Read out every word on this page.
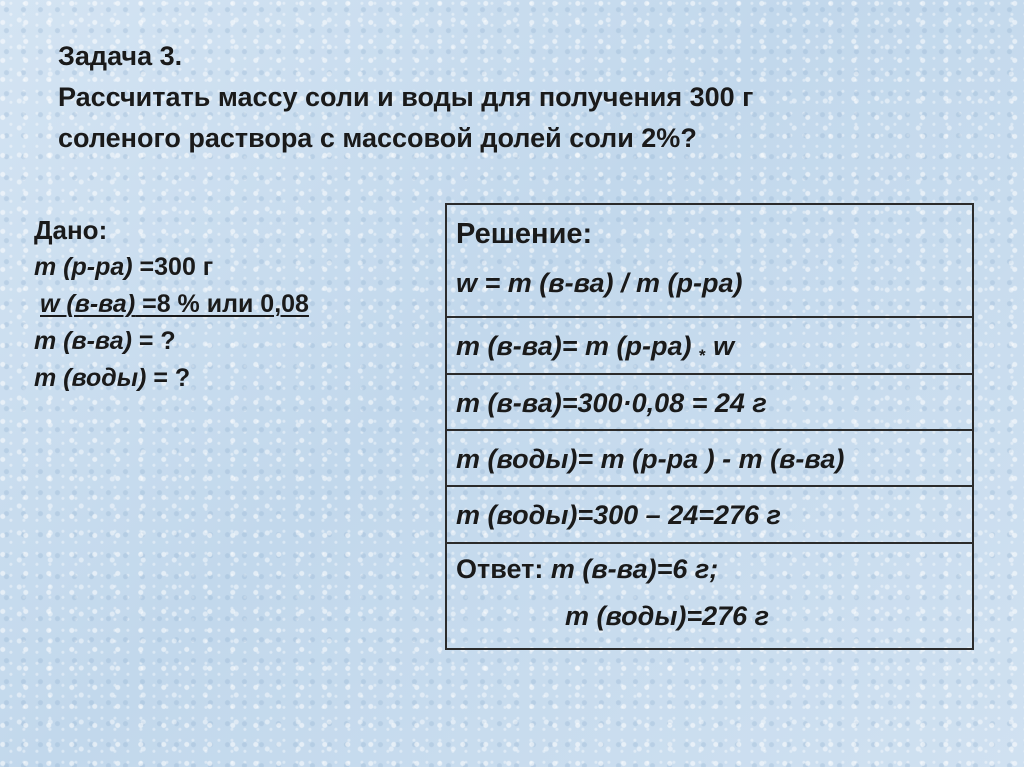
Задача 3.
Рассчитать массу соли и воды для получения 300 г
соленого раствора с массовой долей соли 2%?
Дано:
m (р-ра) =300 г
w (в-ва) =8 % или 0,08
m (в-ва) = ?
m (воды) = ?
Решение:
w = m (в-ва) / m (р-ра)
m (в-ва)= m (р-ра) $_*$ w
m (в-ва)=300·0,08 = 24 г
m (воды)= m (р-ра ) - m (в-ва)
m (воды)=300 – 24=276 г
Ответ: m (в-ва)=6 г;
m (воды)=276 г
